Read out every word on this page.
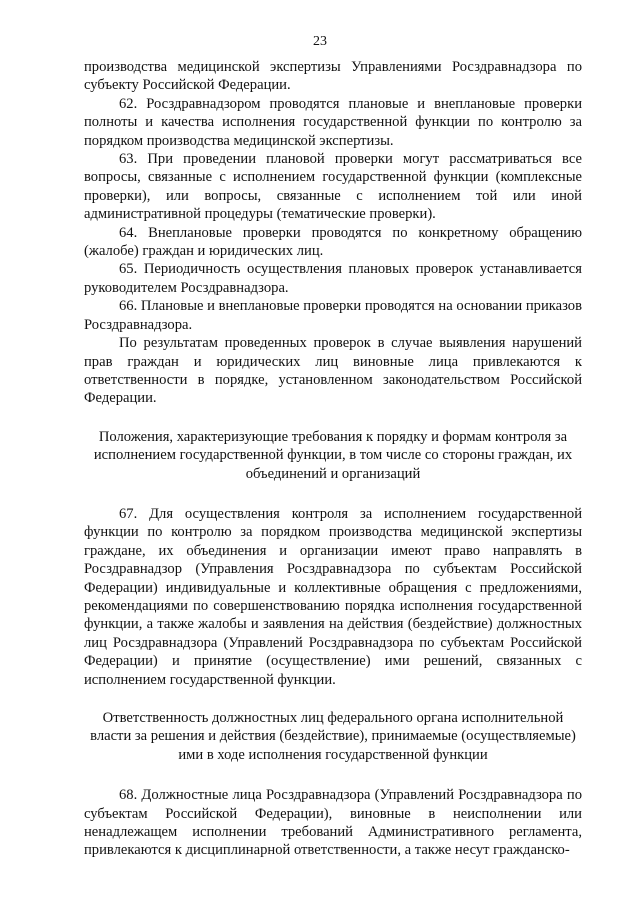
23

производства медицинской экспертизы Управлениями Росздравнадзора по субъекту Российской Федерации.

62. Росздравнадзором проводятся плановые и внеплановые проверки полноты и качества исполнения государственной функции по контролю за порядком производства медицинской экспертизы.

63. При проведении плановой проверки могут рассматриваться все вопросы, связанные с исполнением государственной функции (комплексные проверки), или вопросы, связанные с исполнением той или иной административной процедуры (тематические проверки).

64. Внеплановые проверки проводятся по конкретному обращению (жалобе) граждан и юридических лиц.

65. Периодичность осуществления плановых проверок устанавливается руководителем Росздравнадзора.

66. Плановые и внеплановые проверки проводятся на основании приказов Росздравнадзора.

По результатам проведенных проверок в случае выявления нарушений прав граждан и юридических лиц виновные лица привлекаются к ответственности в порядке, установленном законодательством Российской Федерации.

Положения, характеризующие требования к порядку и формам контроля за исполнением государственной функции, в том числе со стороны граждан, их объединений и организаций

67. Для осуществления контроля за исполнением государственной функции по контролю за порядком производства медицинской экспертизы граждане, их объединения и организации имеют право направлять в Росздравнадзор (Управления Росздравнадзора по субъектам Российской Федерации) индивидуальные и коллективные обращения с предложениями, рекомендациями по совершенствованию порядка исполнения государственной функции, а также жалобы и заявления на действия (бездействие) должностных лиц Росздравнадзора (Управлений Росздравнадзора по субъектам Российской Федерации) и принятие (осуществление) ими решений, связанных с исполнением государственной функции.

Ответственность должностных лиц федерального органа исполнительной власти за решения и действия (бездействие), принимаемые (осуществляемые) ими в ходе исполнения государственной функции

68. Должностные лица Росздравнадзора (Управлений Росздравнадзора по субъектам Российской Федерации), виновные в неисполнении или ненадлежащем исполнении требований Административного регламента, привлекаются к дисциплинарной ответственности, а также несут гражданско-
